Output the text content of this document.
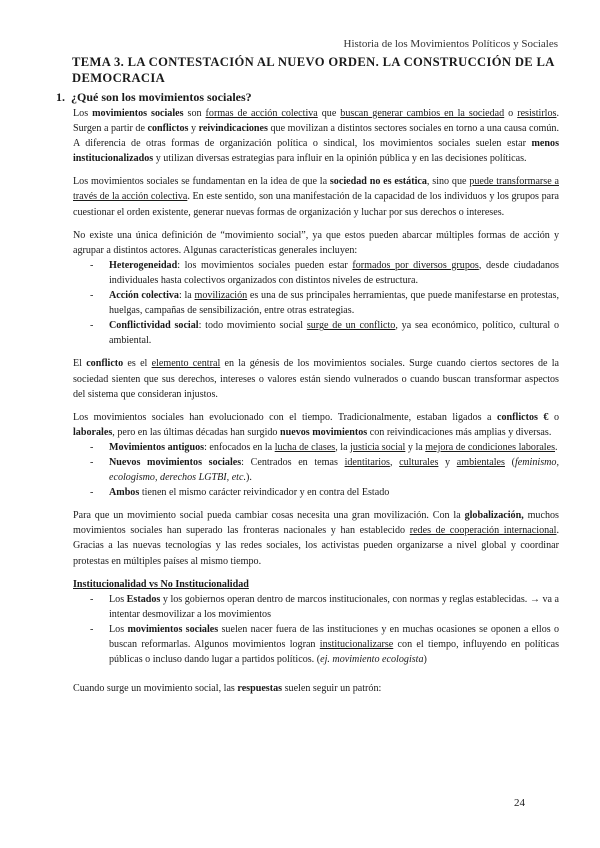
Historia de los Movimientos Políticos y Sociales
TEMA 3. LA CONTESTACIÓN AL NUEVO ORDEN. LA CONSTRUCCIÓN DE LA DEMOCRACIA
1. ¿Qué son los movimientos sociales?

Los movimientos sociales son formas de acción colectiva que buscan generar cambios en la sociedad o resistirlos. Surgen a partir de conflictos y reivindicaciones que movilizan a distintos sectores sociales en torno a una causa común. A diferencia de otras formas de organización política o sindical, los movimientos sociales suelen estar menos institucionalizados y utilizan diversas estrategias para influir en la opinión pública y en las decisiones políticas.

Los movimientos sociales se fundamentan en la idea de que la sociedad no es estática, sino que puede transformarse a través de la acción colectiva. En este sentido, son una manifestación de la capacidad de los individuos y los grupos para cuestionar el orden existente, generar nuevas formas de organización y luchar por sus derechos o intereses.

No existe una única definición de “movimiento social”, ya que estos pueden abarcar múltiples formas de acción y agrupar a distintos actores. Algunas características generales incluyen:

- Heterogeneidad: los movimientos sociales pueden estar formados por diversos grupos, desde ciudadanos individuales hasta colectivos organizados con distintos niveles de estructura.
- Acción colectiva: la movilización es una de sus principales herramientas, que puede manifestarse en protestas, huelgas, campañas de sensibilización, entre otras estrategias.
- Conflictividad social: todo movimiento social surge de un conflicto, ya sea económico, político, cultural o ambiental.

El conflicto es el elemento central en la génesis de los movimientos sociales. Surge cuando ciertos sectores de la sociedad sienten que sus derechos, intereses o valores están siendo vulnerados o cuando buscan transformar aspectos del sistema que consideran injustos.

Los movimientos sociales han evolucionado con el tiempo. Tradicionalmente, estaban ligados a conflictos € o laborales, pero en las últimas décadas han surgido nuevos movimientos con reivindicaciones más amplias y diversas.

- Movimientos antiguos: enfocados en la lucha de clases, la justicia social y la mejora de condiciones laborales.
- Nuevos movimientos sociales: Centrados en temas identitarios, culturales y ambientales (feminismo, ecologismo, derechos LGTBI, etc.).
- Ambos tienen el mismo carácter reivindicador y en contra del Estado

Para que un movimiento social pueda cambiar cosas necesita una gran movilización. Con la globalización, muchos movimientos sociales han superado las fronteras nacionales y han establecido redes de cooperación internacional. Gracias a las nuevas tecnologías y las redes sociales, los activistas pueden organizarse a nivel global y coordinar protestas en múltiples países al mismo tiempo.

Institucionalidad vs No Institucionalidad

- Los Estados y los gobiernos operan dentro de marcos institucionales, con normas y reglas establecidas. → va a intentar desmovilizar a los movimientos
- Los movimientos sociales suelen nacer fuera de las instituciones y en muchas ocasiones se oponen a ellos o buscan reformarlas. Algunos movimientos logran institucionalizarse con el tiempo, influyendo en políticas públicas o incluso dando lugar a partidos políticos. (ej. movimiento ecologista)

Cuando surge un movimiento social, las respuestas suelen seguir un patrón:

24
